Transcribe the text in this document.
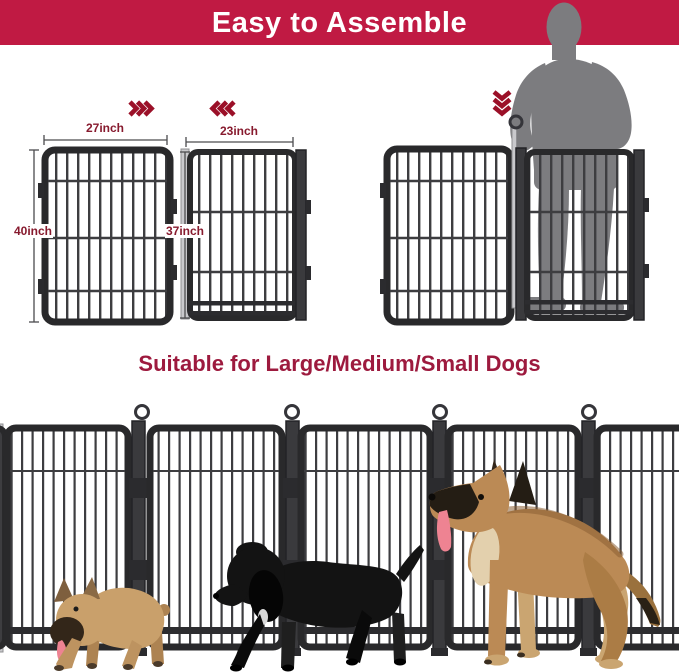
Easy to Assemble
27inch	23inch
40inch	37inch
Suitable for Large/Medium/Small Dogs
